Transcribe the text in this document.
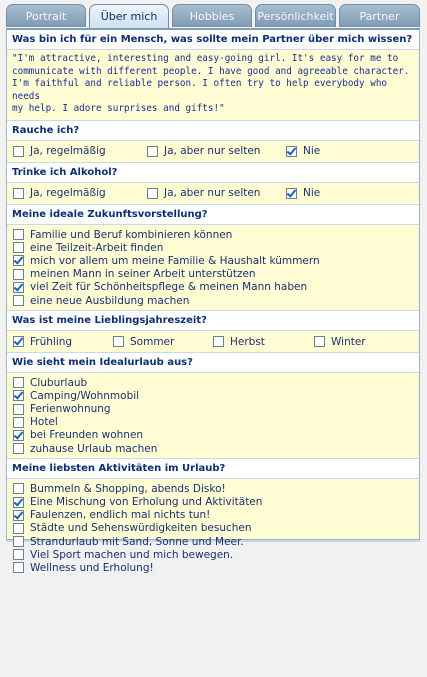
Portrait	Über mich	Hobbies	Persönlichkeit	Partner
Was bin ich für ein Mensch, was sollte mein Partner über mich wissen?
"I'm attractive, interesting and easy-going girl. It's easy for me to
communicate with different people. I have good and agreeable character.
I'm faithful and reliable person. I often try to help everybody who needs
my help. I adore surprises and gifts!"
Rauche ich?
Ja, regelmäßig	Ja, aber nur selten	Nie
Trinke ich Alkohol?
Ja, regelmäßig	Ja, aber nur selten	Nie
Meine ideale Zukunftsvorstellung?
Familie und Beruf kombinieren können
eine Teilzeit-Arbeit finden
mich vor allem um meine Familie & Haushalt kümmern
meinen Mann in seiner Arbeit unterstützen
viel Zeit für Schönheitspflege & meinen Mann haben
eine neue Ausbildung machen
Was ist meine Lieblingsjahreszeit?
Frühling	Sommer	Herbst	Winter
Wie sieht mein Idealurlaub aus?
Cluburlaub
Camping/Wohnmobil
Ferienwohnung
Hotel
bei Freunden wohnen
zuhause Urlaub machen
Meine liebsten Aktivitäten im Urlaub?
Bummeln & Shopping, abends Disko!
Eine Mischung von Erholung und Aktivitäten
Faulenzen, endlich mal nichts tun!
Städte und Sehenswürdigkeiten besuchen
Strandurlaub mit Sand, Sonne und Meer.
Viel Sport machen und mich bewegen.
Wellness und Erholung!
